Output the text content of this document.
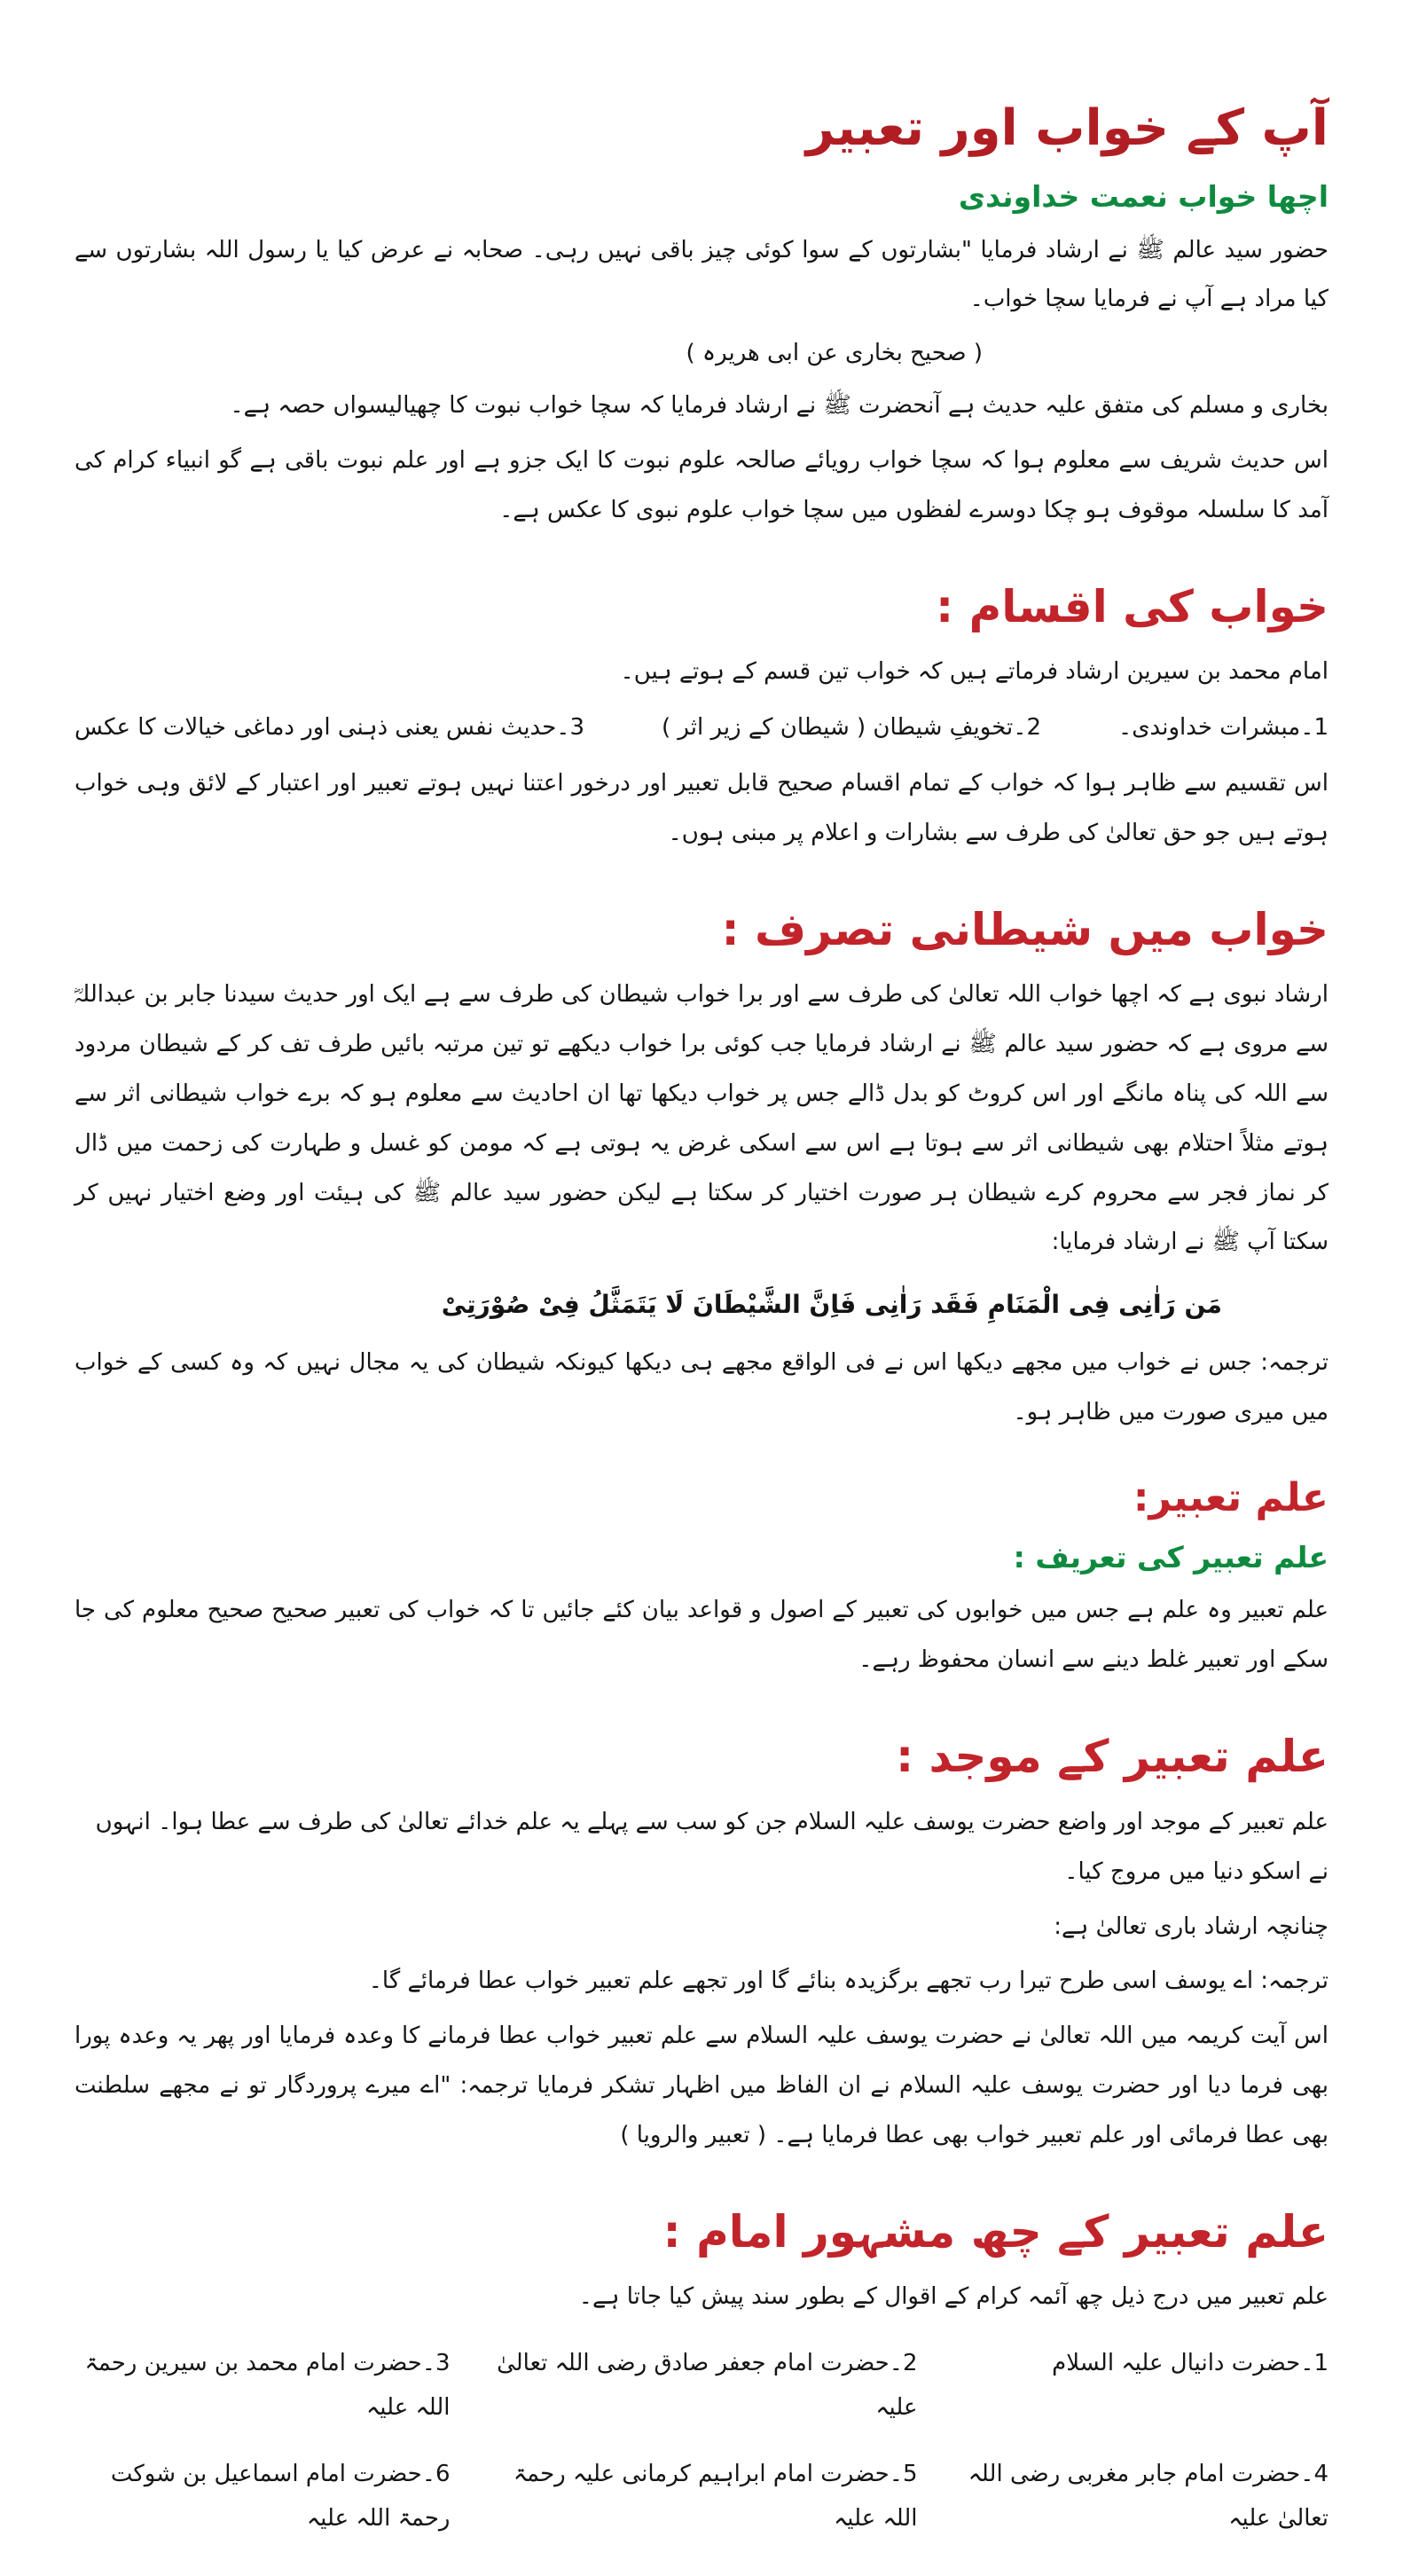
آپ کے خواب اور تعبیر
اچھا خواب نعمت خداوندی

حضور سید عالم ﷺ نے ارشاد فرمایا "بشارتوں کے سوا کوئی چیز باقی نہیں رہی۔ صحابہ نے عرض کیا یا رسول اللہ بشارتوں سے کیا مراد ہے آپ نے فرمایا سچا خواب۔

( صحیح بخاری عن ابی ھریرہ )

بخاری و مسلم کی متفق علیہ حدیث ہے آنحضرت ﷺ نے ارشاد فرمایا کہ سچا خواب نبوت کا چھیالیسواں حصہ ہے۔

اس حدیث شریف سے معلوم ہوا کہ سچا خواب رویائے صالحہ علوم نبوت کا ایک جزو ہے اور علم نبوت باقی ہے گو انبیاء کرام کی آمد کا سلسلہ موقوف ہو چکا دوسرے لفظوں میں سچا خواب علوم نبوی کا عکس ہے۔

خواب کی اقسام :

امام محمد بن سیرین ارشاد فرماتے ہیں کہ خواب تین قسم کے ہوتے ہیں۔

1۔مبشرات خداوندی۔
2۔تخویفِ شیطان ( شیطان کے زیر اثر )
3۔حدیث نفس یعنی ذہنی اور دماغی خیالات کا عکس

اس تقسیم سے ظاہر ہوا کہ خواب کے تمام اقسام صحیح قابل تعبیر اور درخور اعتنا نہیں ہوتے تعبیر اور اعتبار کے لائق وہی خواب ہوتے ہیں جو حق تعالیٰ کی طرف سے بشارات و اعلام پر مبنی ہوں۔

خواب میں شیطانی تصرف :

ارشاد نبوی ہے کہ اچھا خواب اللہ تعالیٰ کی طرف سے اور برا خواب شیطان کی طرف سے ہے ایک اور حدیث سیدنا جابر بن عبداللہؓ سے مروی ہے کہ حضور سید عالم ﷺ نے ارشاد فرمایا جب کوئی برا خواب دیکھے تو تین مرتبہ بائیں طرف تف کر کے شیطان مردود سے اللہ کی پناہ مانگے اور اس کروٹ کو بدل ڈالے جس پر خواب دیکھا تھا ان احادیث سے معلوم ہو کہ برے خواب شیطانی اثر سے ہوتے مثلاً احتلام بھی شیطانی اثر سے ہوتا ہے اس سے اسکی غرض یہ ہوتی ہے کہ مومن کو غسل و طہارت کی زحمت میں ڈال کر نماز فجر سے محروم کرے شیطان ہر صورت اختیار کر سکتا ہے لیکن حضور سید عالم ﷺ کی ہیئت اور وضع اختیار نہیں کر سکتا آپ ﷺ نے ارشاد فرمایا:

مَن رَاٰنِی فِی الْمَنَامِ فَقَد رَاٰنِی فَاِنَّ الشَّیْطَانَ لَا یَتَمَثَّلُ فِیْ صُوْرَتِیْ

ترجمہ: جس نے خواب میں مجھے دیکھا اس نے فی الواقع مجھے ہی دیکھا کیونکہ شیطان کی یہ مجال نہیں کہ وہ کسی کے خواب میں میری صورت میں ظاہر ہو۔

علم تعبیر:
علم تعبیر کی تعریف :

علم تعبیر وہ علم ہے جس میں خوابوں کی تعبیر کے اصول و قواعد بیان کئے جائیں تا کہ خواب کی تعبیر صحیح صحیح معلوم کی جا سکے اور تعبیر غلط دینے سے انسان محفوظ رہے۔

علم تعبیر کے موجد :

علم تعبیر کے موجد اور واضع حضرت یوسف علیہ السلام جن کو سب سے پہلے یہ علم خدائے تعالیٰ کی طرف سے عطا ہوا۔ انہوں نے اسکو دنیا میں مروج کیا۔

چنانچہ ارشاد باری تعالیٰ ہے:

ترجمہ: اے یوسف اسی طرح تیرا رب تجھے برگزیدہ بنائے گا اور تجھے علم تعبیر خواب عطا فرمائے گا۔

اس آیت کریمہ میں اللہ تعالیٰ نے حضرت یوسف علیہ السلام سے علم تعبیر خواب عطا فرمانے کا وعدہ فرمایا اور پھر یہ وعدہ پورا بھی فرما دیا اور حضرت یوسف علیہ السلام نے ان الفاظ میں اظہار تشکر فرمایا ترجمہ: "اے میرے پروردگار تو نے مجھے سلطنت بھی عطا فرمائی اور علم تعبیر خواب بھی عطا فرمایا ہے۔ ( تعبیر والرویا )

علم تعبیر کے چھ مشہور امام :

علم تعبیر میں درج ذیل چھ آئمہ کرام کے اقوال کے بطور سند پیش کیا جاتا ہے۔

1۔حضرت دانیال علیہ السلام
2۔حضرت امام جعفر صادق رضی اللہ تعالیٰ علیہ
3۔حضرت امام محمد بن سیرین رحمۃ اللہ علیہ
4۔حضرت امام جابر مغربی رضی اللہ تعالیٰ علیہ
5۔حضرت امام ابراہیم کرمانی علیہ رحمۃ اللہ علیہ
6۔حضرت امام اسماعیل بن شوکت رحمۃ اللہ علیہ
